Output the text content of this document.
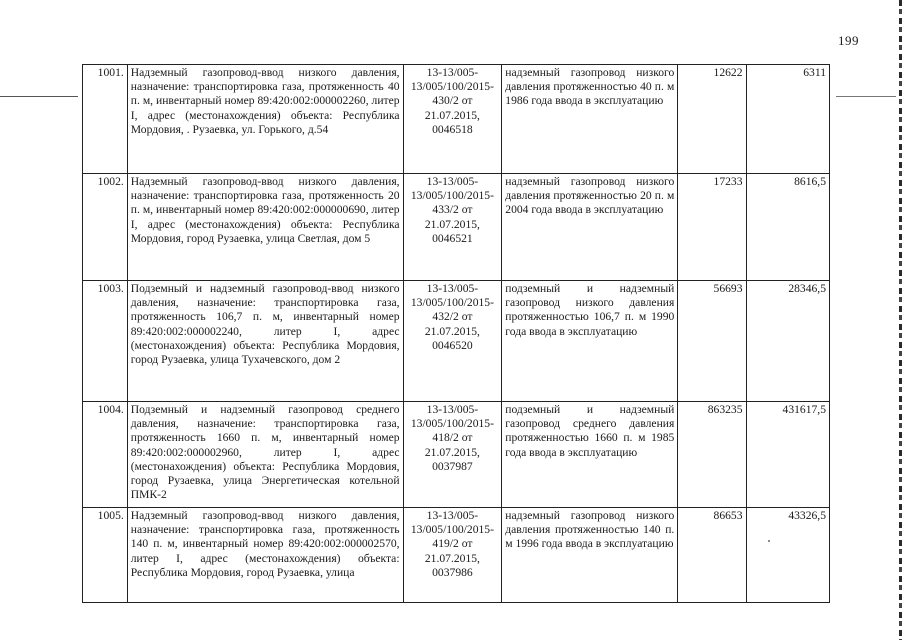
199
1001.	Надземный газопровод-ввод низкого давления, назначение: транспортировка газа, протяженность 40 п. м, инвентарный номер 89:420:002:000002260, литер I, адрес (местонахождения) объекта: Республика Мордовия, . Рузаевка, ул. Горького, д.54	13-13/005-13/005/100/2015-430/2 от 21.07.2015, 0046518	надземный газопровод низкого давления протяженностью 40 п. м 1986 года ввода в эксплуатацию	12622	6311
1002.	Надземный газопровод-ввод низкого давления, назначение: транспортировка газа, протяженность 20 п. м, инвентарный номер 89:420:002:000000690, литер I, адрес (местонахождения) объекта: Республика Мордовия, город Рузаевка, улица Светлая, дом 5	13-13/005-13/005/100/2015-433/2 от 21.07.2015, 0046521	надземный газопровод низкого давления протяженностью 20 п. м 2004 года ввода в эксплуатацию	17233	8616,5
1003.	Подземный и надземный газопровод-ввод низкого давления, назначение: транспортировка газа, протяженность 106,7 п. м, инвентарный номер 89:420:002:000002240, литер I, адрес (местонахождения) объекта: Республика Мордовия, город Рузаевка, улица Тухачевского, дом 2	13-13/005-13/005/100/2015-432/2 от 21.07.2015, 0046520	подземный и надземный газопровод низкого давления протяженностью 106,7 п. м 1990 года ввода в эксплуатацию	56693	28346,5
1004.	Подземный и надземный газопровод среднего давления, назначение: транспортировка газа, протяженность 1660 п. м, инвентарный номер 89:420:002:000002960, литер I, адрес (местонахождения) объекта: Республика Мордовия, город Рузаевка, улица Энергетическая котельной ПМК-2	13-13/005-13/005/100/2015-418/2 от 21.07.2015, 0037987	подземный и надземный газопровод среднего давления протяженностью 1660 п. м 1985 года ввода в эксплуатацию	863235	431617,5
1005.	Надземный газопровод-ввод низкого давления, назначение: транспортировка газа, протяженность 140 п. м, инвентарный номер 89:420:002:000002570, литер I, адрес (местонахождения) объекта: Республика Мордовия, город Рузаевка, улица	13-13/005-13/005/100/2015-419/2 от 21.07.2015, 0037986	надземный газопровод низкого давления протяженностью 140 п. м 1996 года ввода в эксплуатацию	86653	43326,5
